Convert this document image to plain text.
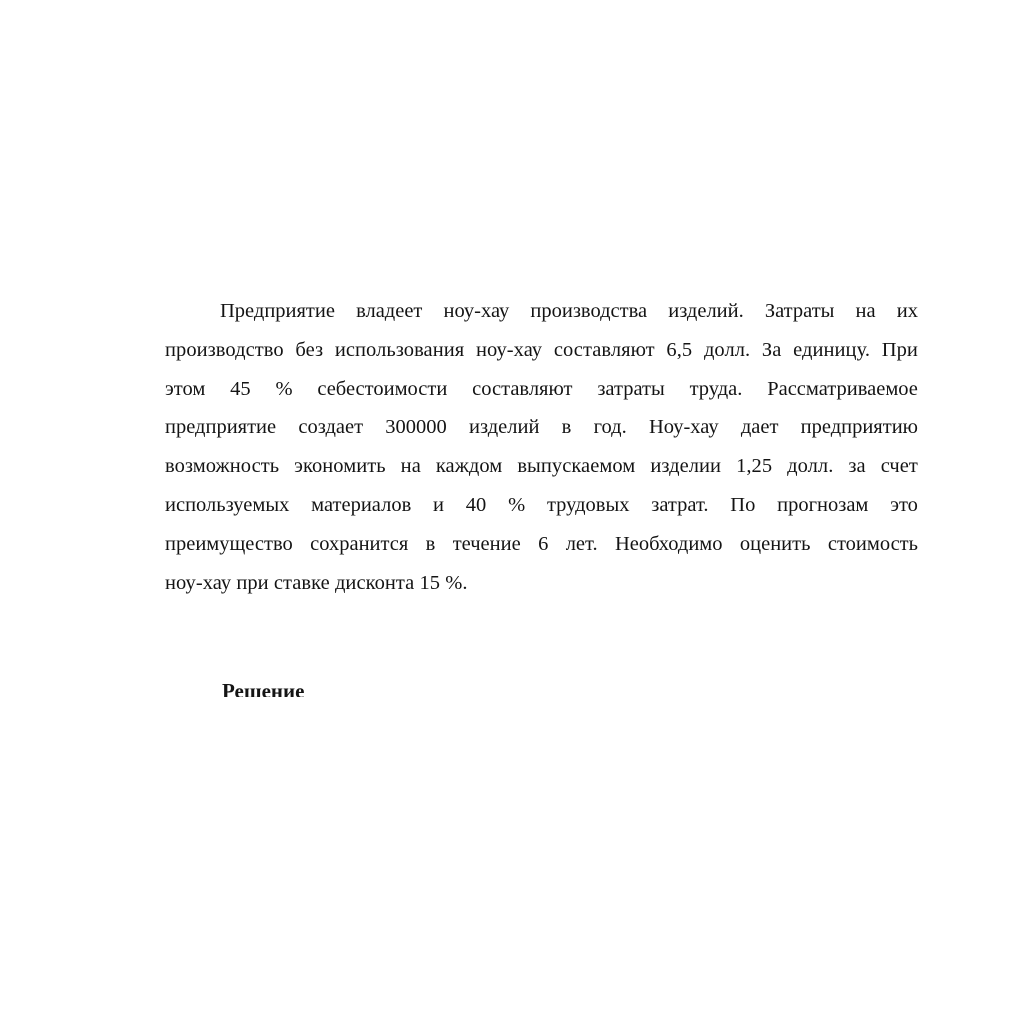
Предприятие владеет ноу-хау производства изделий. Затраты на их
производство без использования ноу-хау составляют 6,5 долл. За единицу. При
этом 45 % себестоимости составляют затраты труда. Рассматриваемое
предприятие создает 300000 изделий в год. Ноу-хау дает предприятию
возможность экономить на каждом выпускаемом изделии 1,25 долл. за счет
используемых материалов и 40 % трудовых затрат. По прогнозам это
преимущество сохранится в течение 6 лет. Необходимо оценить стоимость
ноу-хау при ставке дисконта 15 %.
Решение
